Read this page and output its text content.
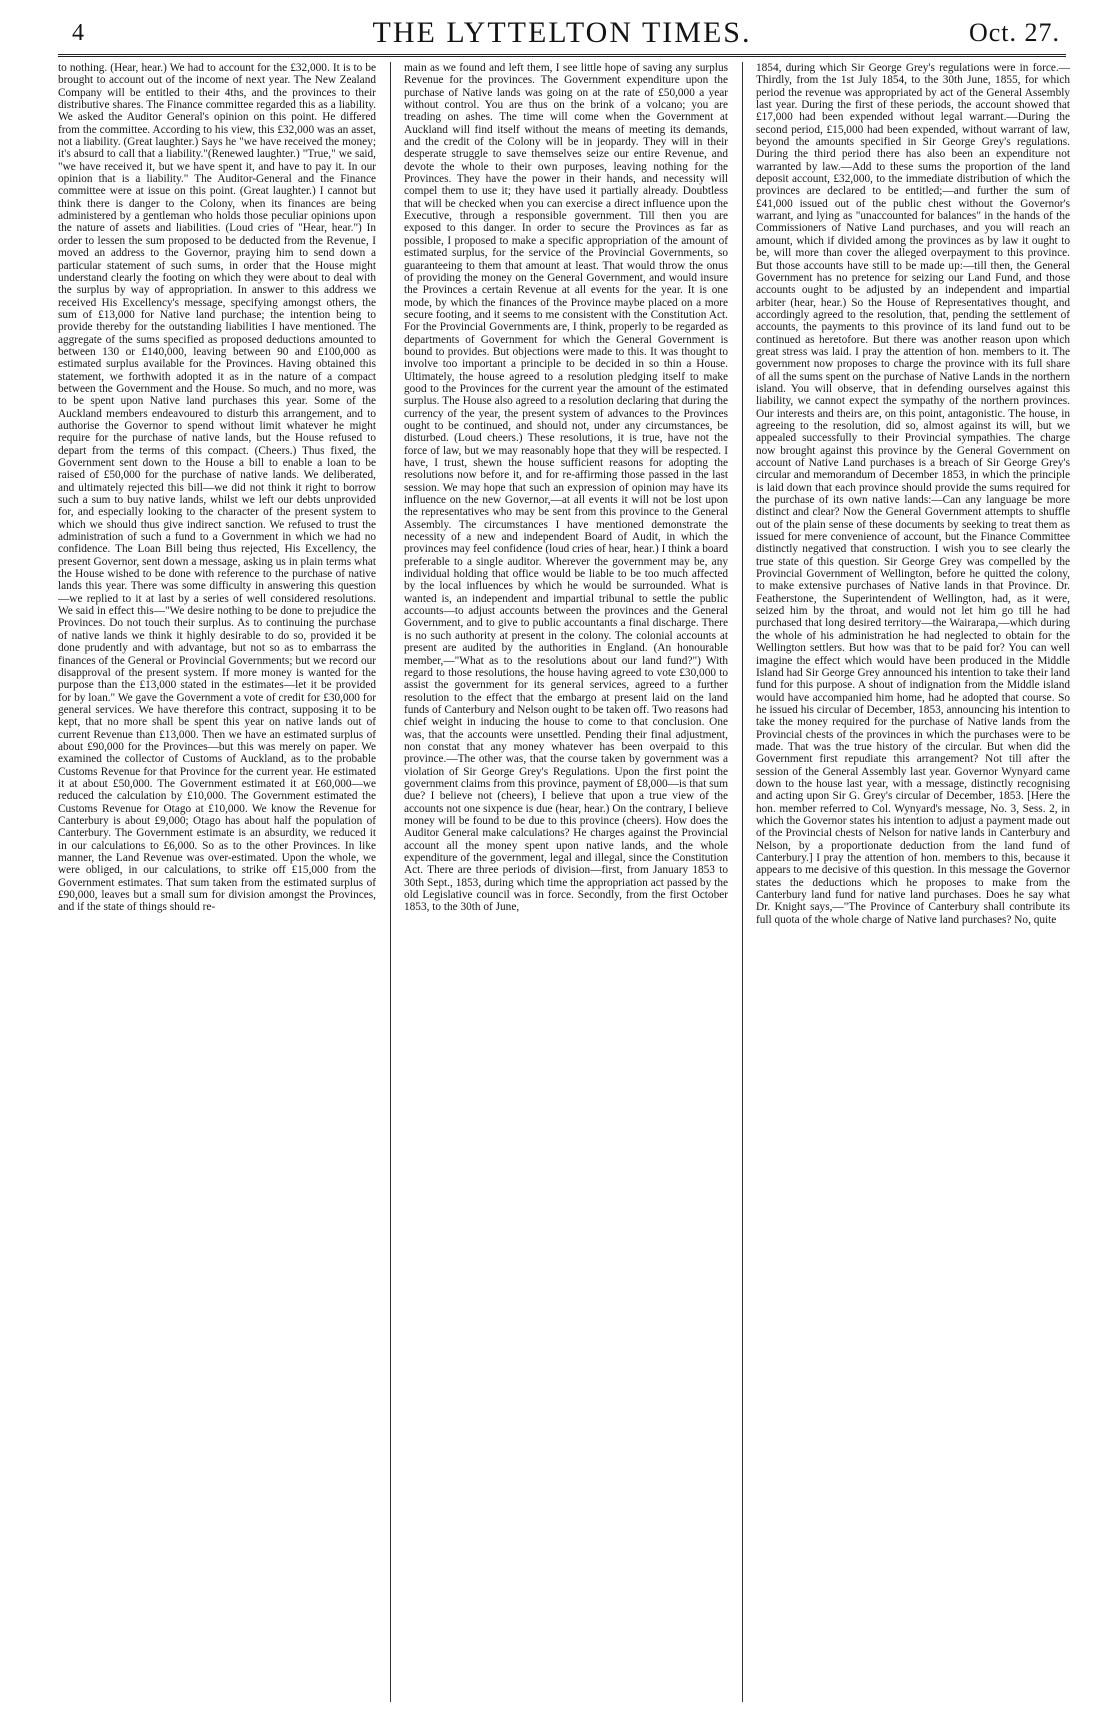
4	THE LYTTELTON TIMES.	Oct. 27.

to nothing. (Hear, hear.) We had to account for the £32,000. It is to be brought to account out of the income of next year. The New Zealand Company will be entitled to their 4ths, and the provinces to their distributive shares. The Finance committee regarded this as a liability. We asked the Auditor General's opinion on this point. He differed from the committee. According to his view, this £32,000 was an asset, not a liability. (Great laughter.) Says he "we have received the money; it's absurd to call that a liability."(Renewed laughter.) "True," we said, "we have received it, but we have spent it, and have to pay it. In our opinion that is a liability." The Auditor-General and the Finance committee were at issue on this point. (Great laughter.) I cannot but think there is danger to the Colony, when its finances are being administered by a gentleman who holds those peculiar opinions upon the nature of assets and liabilities. (Loud cries of "Hear, hear.") In order to lessen the sum proposed to be deducted from the Revenue, I moved an address to the Governor, praying him to send down a particular statement of such sums, in order that the House might understand clearly the footing on which they were about to deal with the surplus by way of appropriation. In answer to this address we received His Excellency's message, specifying amongst others, the sum of £13,000 for Native land purchase; the intention being to provide thereby for the outstanding liabilities I have mentioned. The aggregate of the sums specified as proposed deductions amounted to between 130 or £140,000, leaving between 90 and £100,000 as estimated surplus available for the Provinces. Having obtained this statement, we forthwith adopted it as in the nature of a compact between the Government and the House. So much, and no more, was to be spent upon Native land purchases this year. Some of the Auckland members endeavoured to disturb this arrangement, and to authorise the Governor to spend without limit whatever he might require for the purchase of native lands, but the House refused to depart from the terms of this compact. (Cheers.) Thus fixed, the Government sent down to the House a bill to enable a loan to be raised of £50,000 for the purchase of native lands. We deliberated, and ultimately rejected this bill—we did not think it right to borrow such a sum to buy native lands, whilst we left our debts unprovided for, and especially looking to the character of the present system to which we should thus give indirect sanction. We refused to trust the administration of such a fund to a Government in which we had no confidence. The Loan Bill being thus rejected, His Excellency, the present Governor, sent down a message, asking us in plain terms what the House wished to be done with reference to the purchase of native lands this year. There was some difficulty in answering this question—we replied to it at last by a series of well considered resolutions. We said in effect this—"We desire nothing to be done to prejudice the Provinces. Do not touch their surplus. As to continuing the purchase of native lands we think it highly desirable to do so, provided it be done prudently and with advantage, but not so as to embarrass the finances of the General or Provincial Governments; but we record our disapproval of the present system. If more money is wanted for the purpose than the £13,000 stated in the estimates—let it be provided for by loan." We gave the Government a vote of credit for £30,000 for general services. We have therefore this contract, supposing it to be kept, that no more shall be spent this year on native lands out of current Revenue than £13,000. Then we have an estimated surplus of about £90,000 for the Provinces—but this was merely on paper. We examined the collector of Customs of Auckland, as to the probable Customs Revenue for that Province for the current year. He estimated it at about £50,000. The Government estimated it at £60,000—we reduced the calculation by £10,000. The Government estimated the Customs Revenue for Otago at £10,000. We know the Revenue for Canterbury is about £9,000; Otago has about half the population of Canterbury. The Government estimate is an absurdity, we reduced it in our calculations to £6,000. So as to the other Provinces. In like manner, the Land Revenue was over-estimated. Upon the whole, we were obliged, in our calculations, to strike off £15,000 from the Government estimates. That sum taken from the estimated surplus of £90,000, leaves but a small sum for division amongst the Provinces, and if the state of things should re-

main as we found and left them, I see little hope of saving any surplus Revenue for the provinces. The Government expenditure upon the purchase of Native lands was going on at the rate of £50,000 a year without control. You are thus on the brink of a volcano; you are treading on ashes. The time will come when the Government at Auckland will find itself without the means of meeting its demands, and the credit of the Colony will be in jeopardy. They will in their desperate struggle to save themselves seize our entire Revenue, and devote the whole to their own purposes, leaving nothing for the Provinces. They have the power in their hands, and necessity will compel them to use it; they have used it partially already. Doubtless that will be checked when you can exercise a direct influence upon the Executive, through a responsible government. Till then you are exposed to this danger. In order to secure the Provinces as far as possible, I proposed to make a specific appropriation of the amount of estimated surplus, for the service of the Provincial Governments, so guaranteeing to them that amount at least. That would throw the onus of providing the money on the General Government, and would insure the Provinces a certain Revenue at all events for the year. It is one mode, by which the finances of the Province maybe placed on a more secure footing, and it seems to me consistent with the Constitution Act. For the Provincial Governments are, I think, properly to be regarded as departments of Government for which the General Government is bound to provides. But objections were made to this. It was thought to involve too important a principle to be decided in so thin a House. Ultimately, the house agreed to a resolution pledging itself to make good to the Provinces for the current year the amount of the estimated surplus. The House also agreed to a resolution declaring that during the currency of the year, the present system of advances to the Provinces ought to be continued, and should not, under any circumstances, be disturbed. (Loud cheers.) These resolutions, it is true, have not the force of law, but we may reasonably hope that they will be respected. I have, I trust, shewn the house sufficient reasons for adopting the resolutions now before it, and for re-affirming those passed in the last session. We may hope that such an expression of opinion may have its influence on the new Governor,—at all events it will not be lost upon the representatives who may be sent from this province to the General Assembly. The circumstances I have mentioned demonstrate the necessity of a new and independent Board of Audit, in which the provinces may feel confidence (loud cries of hear, hear.) I think a board preferable to a single auditor. Wherever the government may be, any individual holding that office would be liable to be too much affected by the local influences by which he would be surrounded. What is wanted is, an independent and impartial tribunal to settle the public accounts—to adjust accounts between the provinces and the General Government, and to give to public accountants a final discharge. There is no such authority at present in the colony. The colonial accounts at present are audited by the authorities in England. (An honourable member,—"What as to the resolutions about our land fund?") With regard to those resolutions, the house having agreed to vote £30,000 to assist the government for its general services, agreed to a further resolution to the effect that the embargo at present laid on the land funds of Canterbury and Nelson ought to be taken off. Two reasons had chief weight in inducing the house to come to that conclusion. One was, that the accounts were unsettled. Pending their final adjustment, non constat that any money whatever has been overpaid to this province.—The other was, that the course taken by government was a violation of Sir George Grey's Regulations. Upon the first point the government claims from this province, payment of £8,000—is that sum due? I believe not (cheers), I believe that upon a true view of the accounts not one sixpence is due (hear, hear.) On the contrary, I believe money will be found to be due to this province (cheers). How does the Auditor General make calculations? He charges against the Provincial account all the money spent upon native lands, and the whole expenditure of the government, legal and illegal, since the Constitution Act. There are three periods of division—first, from January 1853 to 30th Sept., 1853, during which time the appropriation act passed by the old Legislative council was in force. Secondly, from the first October 1853, to the 30th of June,

1854, during which Sir George Grey's regulations were in force.—Thirdly, from the 1st July 1854, to the 30th June, 1855, for which period the revenue was appropriated by act of the General Assembly last year. During the first of these periods, the account showed that £17,000 had been expended without legal warrant.—During the second period, £15,000 had been expended, without warrant of law, beyond the amounts specified in Sir George Grey's regulations. During the third period there has also been an expenditure not warranted by law.—Add to these sums the proportion of the land deposit account, £32,000, to the immediate distribution of which the provinces are declared to be entitled;—and further the sum of £41,000 issued out of the public chest without the Governor's warrant, and lying as "unaccounted for balances" in the hands of the Commissioners of Native Land purchases, and you will reach an amount, which if divided among the provinces as by law it ought to be, will more than cover the alleged overpayment to this province. But those accounts have still to be made up:—till then, the General Government has no pretence for seizing our Land Fund, and those accounts ought to be adjusted by an independent and impartial arbiter (hear, hear.) So the House of Representatives thought, and accordingly agreed to the resolution, that, pending the settlement of accounts, the payments to this province of its land fund out to be continued as heretofore. But there was another reason upon which great stress was laid. I pray the attention of hon. members to it. The government now proposes to charge the province with its full share of all the sums spent on the purchase of Native Lands in the northern island. You will observe, that in defending ourselves against this liability, we cannot expect the sympathy of the northern provinces. Our interests and theirs are, on this point, antagonistic. The house, in agreeing to the resolution, did so, almost against its will, but we appealed successfully to their Provincial sympathies. The charge now brought against this province by the General Government on account of Native Land purchases is a breach of Sir George Grey's circular and memorandum of December 1853, in which the principle is laid down that each province should provide the sums required for the purchase of its own native lands:—Can any language be more distinct and clear? Now the General Government attempts to shuffle out of the plain sense of these documents by seeking to treat them as issued for mere convenience of account, but the Finance Committee distinctly negatived that construction. I wish you to see clearly the true state of this question. Sir George Grey was compelled by the Provincial Government of Wellington, before he quitted the colony, to make extensive purchases of Native lands in that Province. Dr. Featherstone, the Superintendent of Wellington, had, as it were, seized him by the throat, and would not let him go till he had purchased that long desired territory—the Wairarapa,—which during the whole of his administration he had neglected to obtain for the Wellington settlers. But how was that to be paid for? You can well imagine the effect which would have been produced in the Middle Island had Sir George Grey announced his intention to take their land fund for this purpose. A shout of indignation from the Middle island would have accompanied him home, had he adopted that course. So he issued his circular of December, 1853, announcing his intention to take the money required for the purchase of Native lands from the Provincial chests of the provinces in which the purchases were to be made. That was the true history of the circular. But when did the Government first repudiate this arrangement? Not till after the session of the General Assembly last year. Governor Wynyard came down to the house last year, with a message, distinctly recognising and acting upon Sir G. Grey's circular of December, 1853. [Here the hon. member referred to Col. Wynyard's message, No. 3, Sess. 2, in which the Governor states his intention to adjust a payment made out of the Provincial chests of Nelson for native lands in Canterbury and Nelson, by a proportionate deduction from the land fund of Canterbury.] I pray the attention of hon. members to this, because it appears to me decisive of this question. In this message the Governor states the deductions which he proposes to make from the Canterbury land fund for native land purchases. Does he say what Dr. Knight says,—"The Province of Canterbury shall contribute its full quota of the whole charge of Native land purchases? No, quite
